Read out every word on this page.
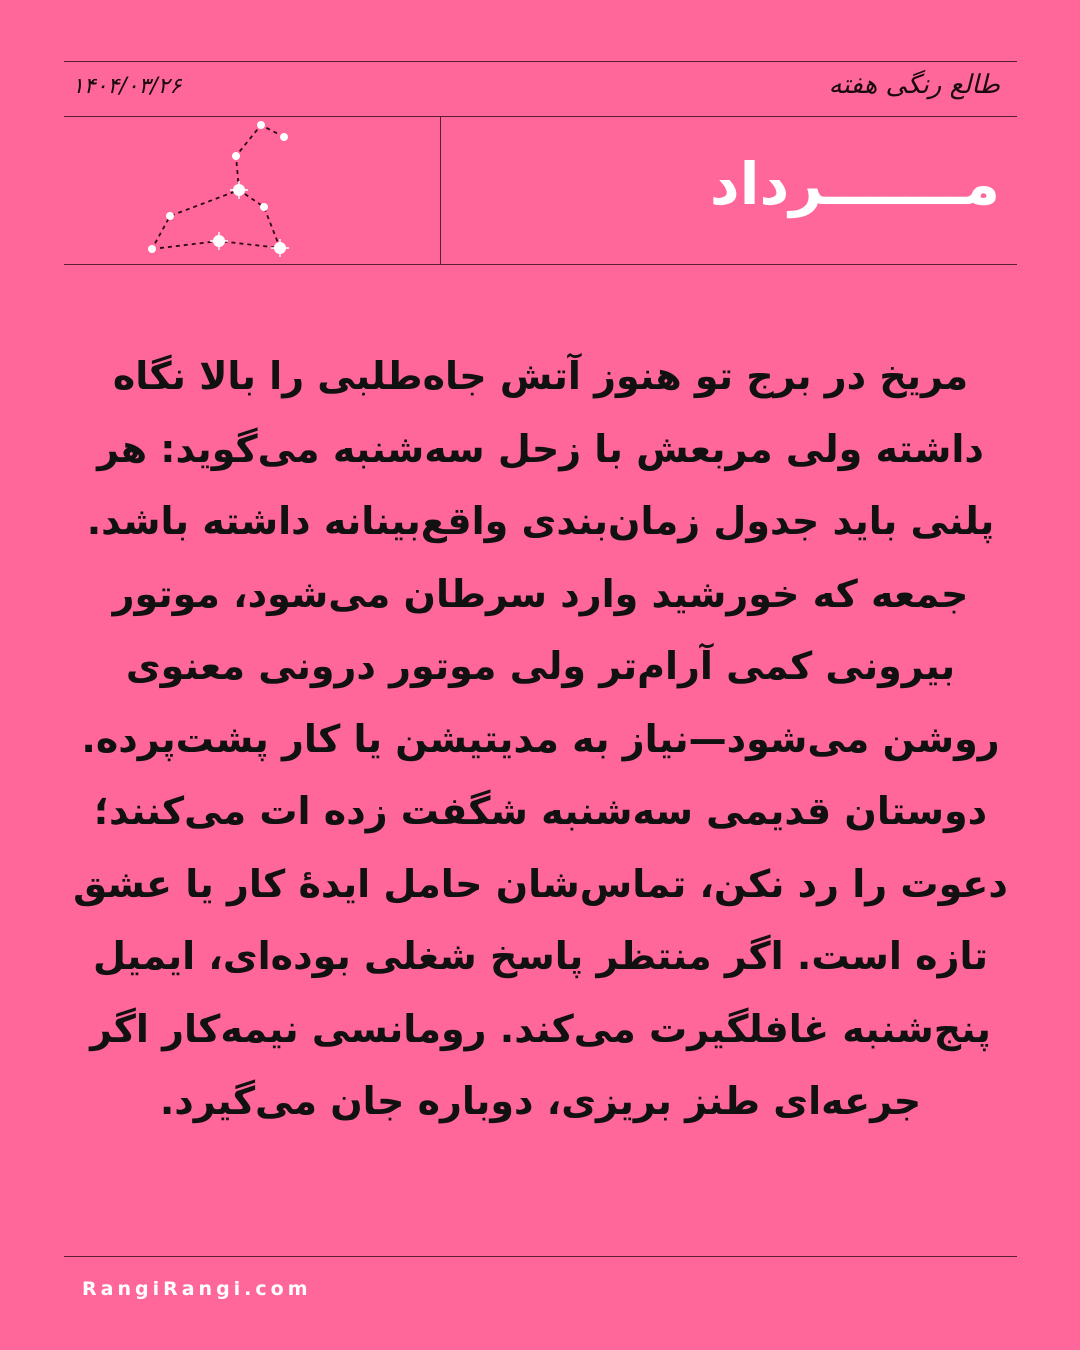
طالع رنگی هفته
۱۴۰۴/۰۳/۲۶
مـــــــرداد
مریخ در برج تو هنوز آتش جاه‌طلبی را بالا نگاه داشته ولی مربعش با زحل سه‌شنبه می‌گوید: هر پلنی باید جدول زمان‌بندی واقع‌بینانه داشته باشد. جمعه که خورشید وارد سرطان می‌شود، موتور بیرونی کمی آرام‌تر ولی موتور درونی معنوی روشن می‌شود—نیاز به مدیتیشن یا کار پشت‌پرده. دوستان قدیمی سه‌شنبه شگفت زده ات می‌کنند؛ دعوت را رد نکن، تماس‌شان حامل ایدهٔ کار یا عشق تازه است. اگر منتظر پاسخ شغلی بوده‌ای، ایمیل پنج‌شنبه غافلگیرت می‌کند. رومانسی نیمه‌کار اگر جرعه‌ای طنز بریزی، دوباره جان می‌گیرد.
RangiRangi.com
